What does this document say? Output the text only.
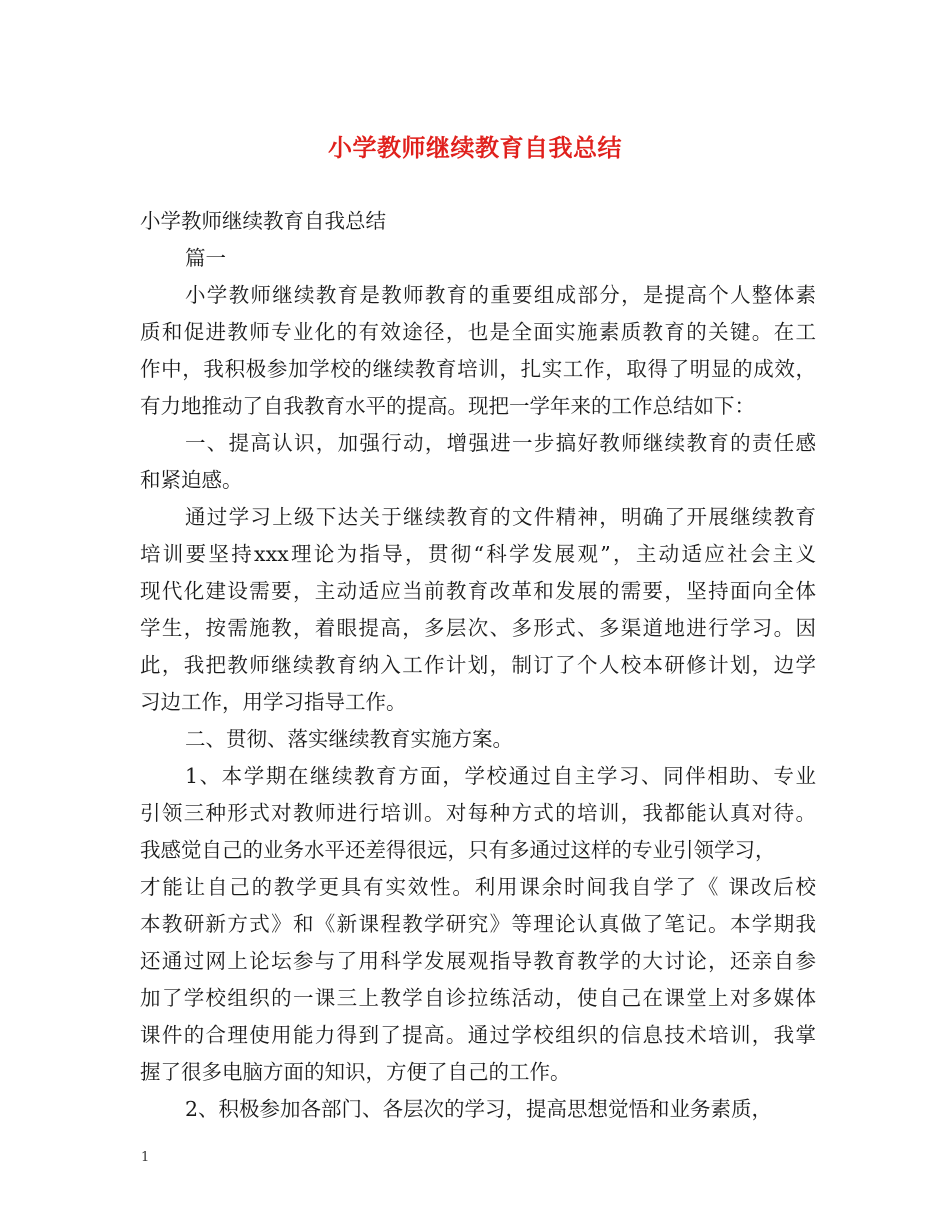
小学教师继续教育自我总结

小学教师继续教育自我总结

篇一

小学教师继续教育是教师教育的重要组成部分，是提高个人整体素

质和促进教师专业化的有效途径，也是全面实施素质教育的关键。在工

作中，我积极参加学校的继续教育培训，扎实工作，取得了明显的成效，

有力地推动了自我教育水平的提高。现把一学年来的工作总结如下：

一、提高认识，加强行动，增强进一步搞好教师继续教育的责任感

和紧迫感。

通过学习上级下达关于继续教育的文件精神，明确了开展继续教育

培训要坚持xxx理论为指导，贯彻“科学发展观”，主动适应社会主义

现代化建设需要，主动适应当前教育改革和发展的需要，坚持面向全体

学生，按需施教，着眼提高，多层次、多形式、多渠道地进行学习。因

此，我把教师继续教育纳入工作计划，制订了个人校本研修计划，边学

习边工作，用学习指导工作。

二、贯彻、落实继续教育实施方案。

1、本学期在继续教育方面，学校通过自主学习、同伴相助、专业

引领三种形式对教师进行培训。对每种方式的培训，我都能认真对待。

我感觉自己的业务水平还差得很远，只有多通过这样的专业引领学习，

才能让自己的教学更具有实效性。利用课余时间我自学了《 课改后校

本教研新方式》和《新课程教学研究》等理论认真做了笔记。本学期我

还通过网上论坛参与了用科学发展观指导教育教学的大讨论，还亲自参

加了学校组织的一课三上教学自诊拉练活动，使自己在课堂上对多媒体

课件的合理使用能力得到了提高。通过学校组织的信息技术培训，我掌

握了很多电脑方面的知识，方便了自己的工作。

2、积极参加各部门、各层次的学习，提高思想觉悟和业务素质，

1
